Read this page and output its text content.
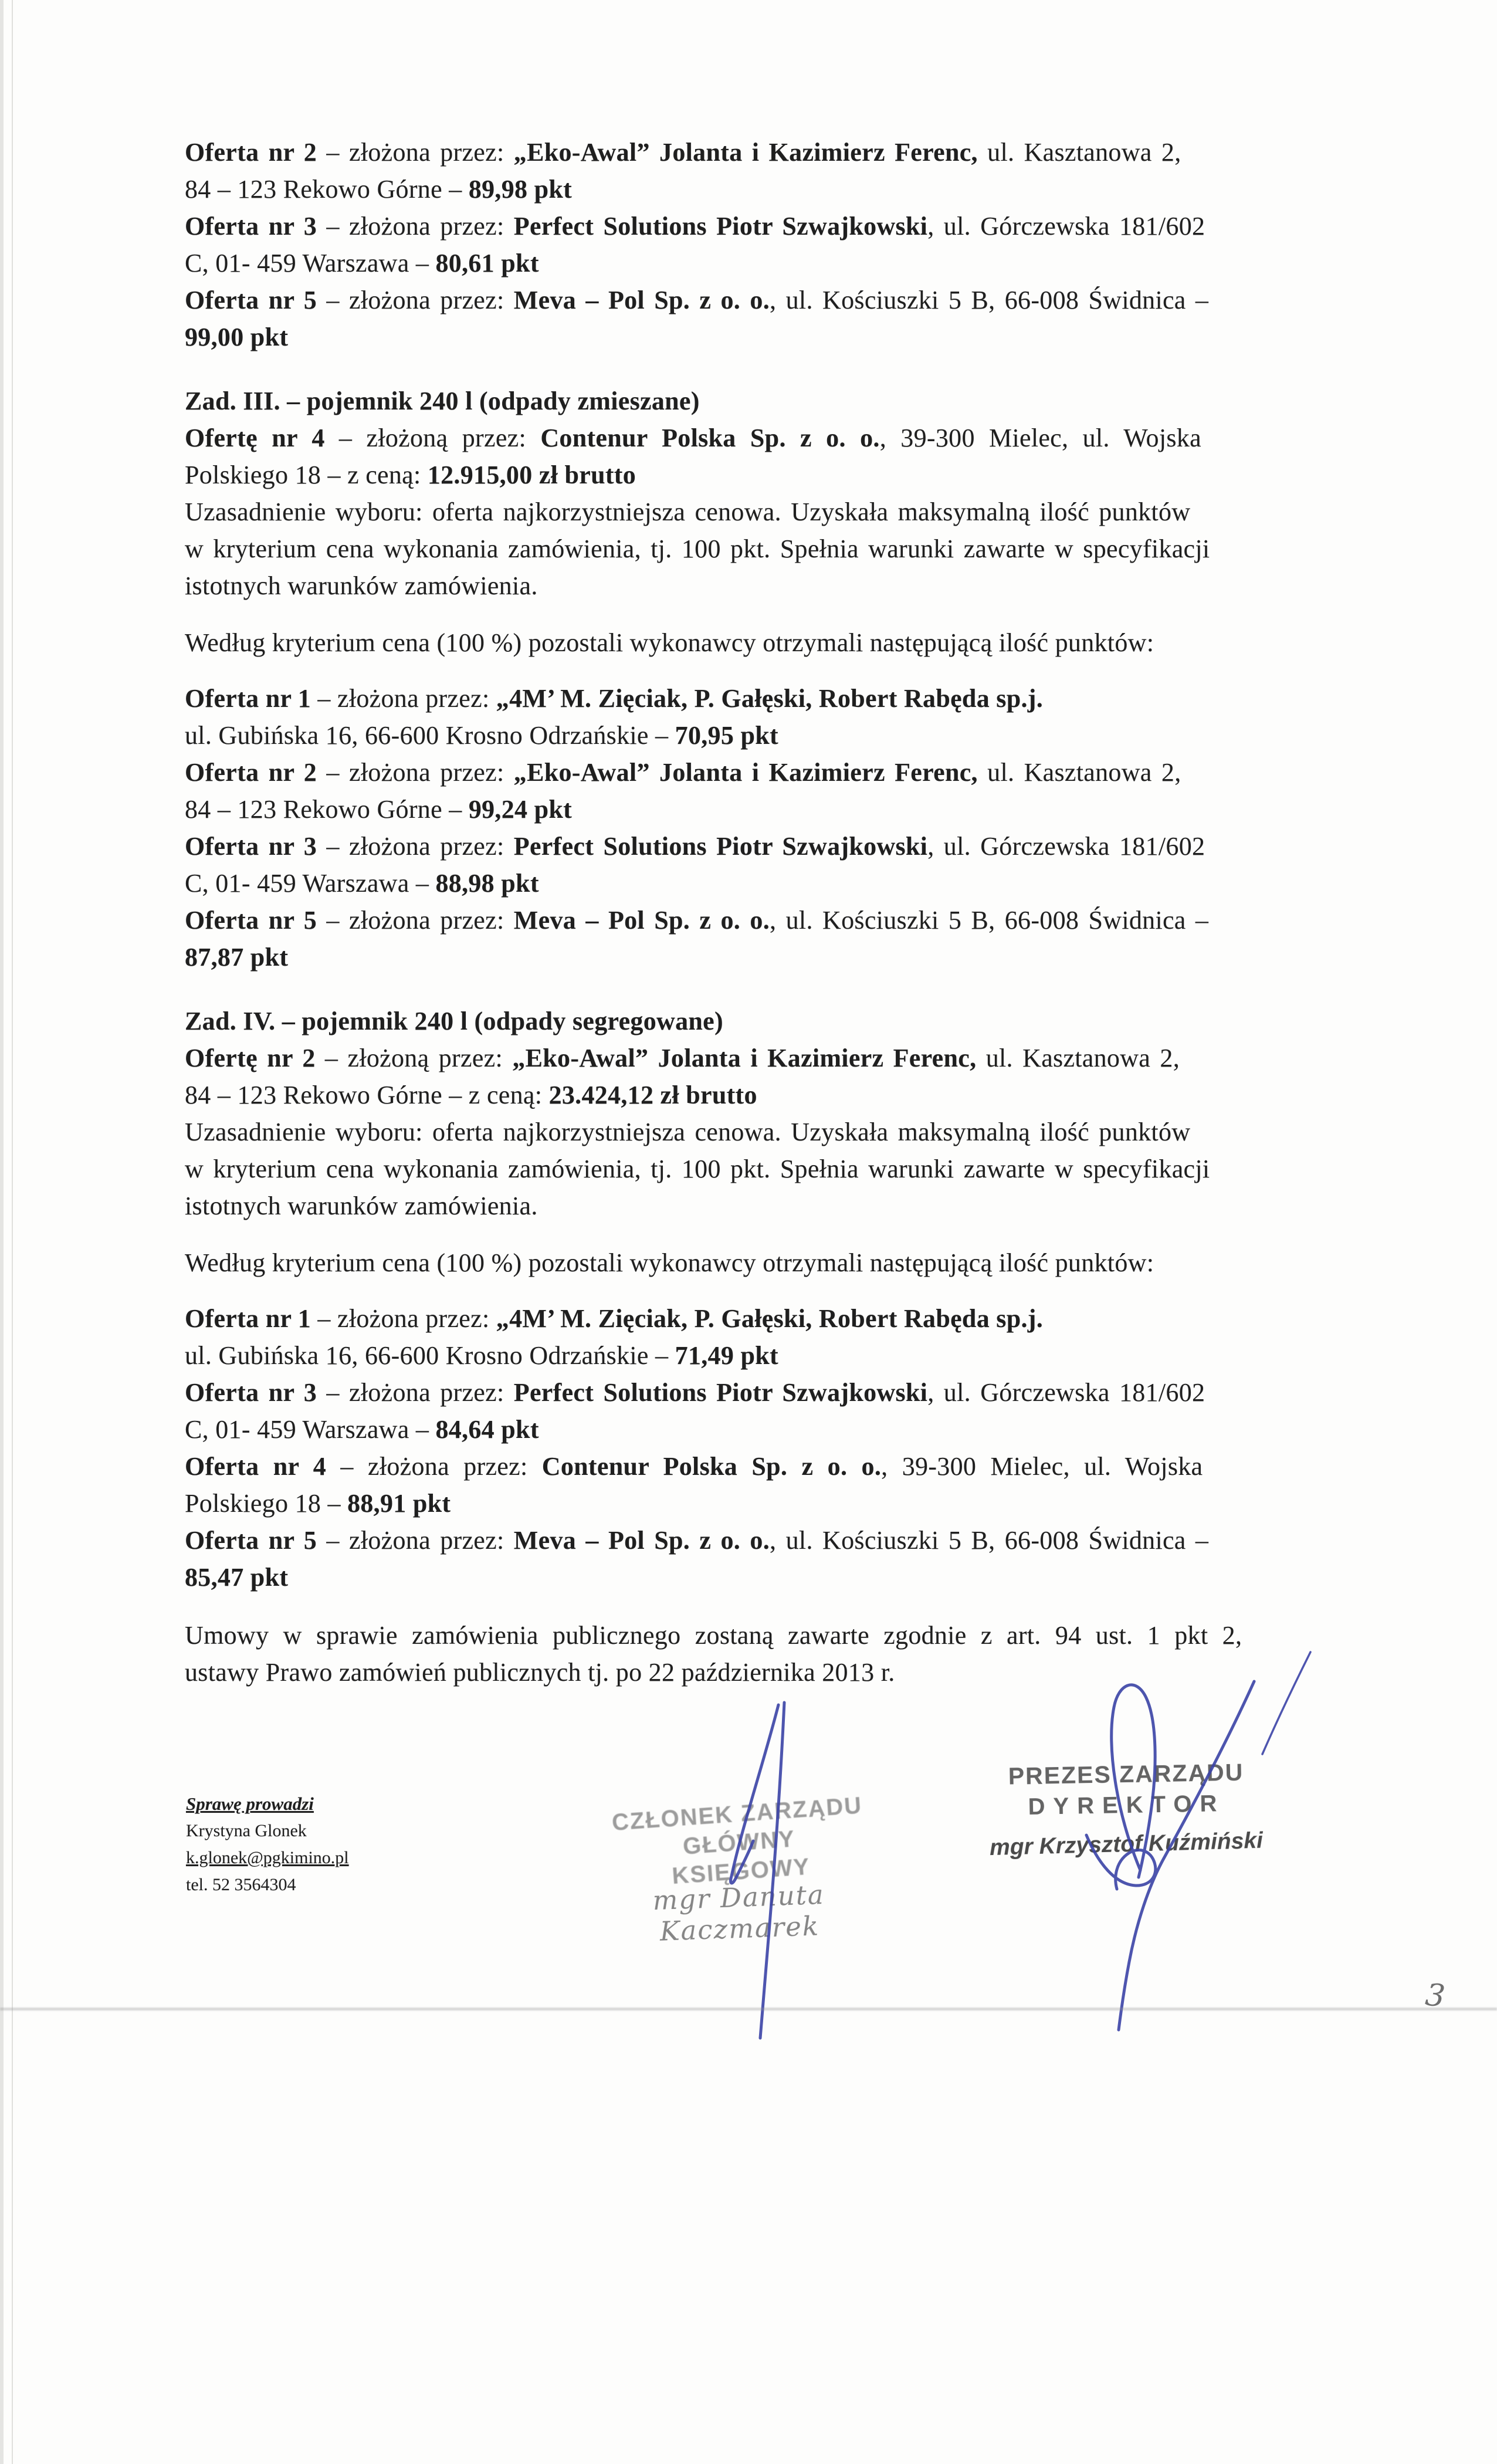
Oferta nr 2 – złożona przez: „Eko-Awal” Jolanta i Kazimierz Ferenc, ul. Kasztanowa 2,
84 – 123 Rekowo Górne – 89,98 pkt
Oferta nr 3 – złożona przez: Perfect Solutions Piotr Szwajkowski, ul. Górczewska 181/602
C, 01- 459 Warszawa – 80,61 pkt
Oferta nr 5 – złożona przez: Meva – Pol Sp. z o. o., ul. Kościuszki 5 B, 66-008 Świdnica –
99,00 pkt
Zad. III. – pojemnik 240 l (odpady zmieszane)
Ofertę nr 4 – złożoną przez: Contenur Polska Sp. z o. o., 39-300 Mielec, ul. Wojska
Polskiego 18 – z ceną: 12.915,00 zł brutto
Uzasadnienie wyboru: oferta najkorzystniejsza cenowa. Uzyskała maksymalną ilość punktów
w kryterium cena wykonania zamówienia, tj. 100 pkt. Spełnia warunki zawarte w specyfikacji
istotnych warunków zamówienia.
Według kryterium cena (100 %) pozostali wykonawcy otrzymali następującą ilość punktów:
Oferta nr 1 – złożona przez: „4M’ M. Zięciak, P. Gałęski, Robert Rabęda sp.j.
ul. Gubińska 16, 66-600 Krosno Odrzańskie – 70,95 pkt
Oferta nr 2 – złożona przez: „Eko-Awal” Jolanta i Kazimierz Ferenc, ul. Kasztanowa 2,
84 – 123 Rekowo Górne – 99,24 pkt
Oferta nr 3 – złożona przez: Perfect Solutions Piotr Szwajkowski, ul. Górczewska 181/602
C, 01- 459 Warszawa – 88,98 pkt
Oferta nr 5 – złożona przez: Meva – Pol Sp. z o. o., ul. Kościuszki 5 B, 66-008 Świdnica –
87,87 pkt
Zad. IV. – pojemnik 240 l (odpady segregowane)
Ofertę nr 2 – złożoną przez: „Eko-Awal” Jolanta i Kazimierz Ferenc, ul. Kasztanowa 2,
84 – 123 Rekowo Górne – z ceną: 23.424,12 zł brutto
Uzasadnienie wyboru: oferta najkorzystniejsza cenowa. Uzyskała maksymalną ilość punktów
w kryterium cena wykonania zamówienia, tj. 100 pkt. Spełnia warunki zawarte w specyfikacji
istotnych warunków zamówienia.
Według kryterium cena (100 %) pozostali wykonawcy otrzymali następującą ilość punktów:
Oferta nr 1 – złożona przez: „4M’ M. Zięciak, P. Gałęski, Robert Rabęda sp.j.
ul. Gubińska 16, 66-600 Krosno Odrzańskie – 71,49 pkt
Oferta nr 3 – złożona przez: Perfect Solutions Piotr Szwajkowski, ul. Górczewska 181/602
C, 01- 459 Warszawa – 84,64 pkt
Oferta nr 4 – złożona przez: Contenur Polska Sp. z o. o., 39-300 Mielec, ul. Wojska
Polskiego 18 – 88,91 pkt
Oferta nr 5 – złożona przez: Meva – Pol Sp. z o. o., ul. Kościuszki 5 B, 66-008 Świdnica –
85,47 pkt
Umowy w sprawie zamówienia publicznego zostaną zawarte zgodnie z art. 94 ust. 1 pkt 2,
ustawy Prawo zamówień publicznych tj. po 22 października 2013 r.
Sprawę prowadzi
Krystyna Glonek
k.glonek@pgkimino.pl
tel. 52 3564304
CZŁONEK ZARZĄDU
GŁÓWNY KSIĘGOWY
mgr Danuta Kaczmarek
PREZES ZARZĄDU
DYREKTOR
mgr Krzysztof Kuźmiński
3
